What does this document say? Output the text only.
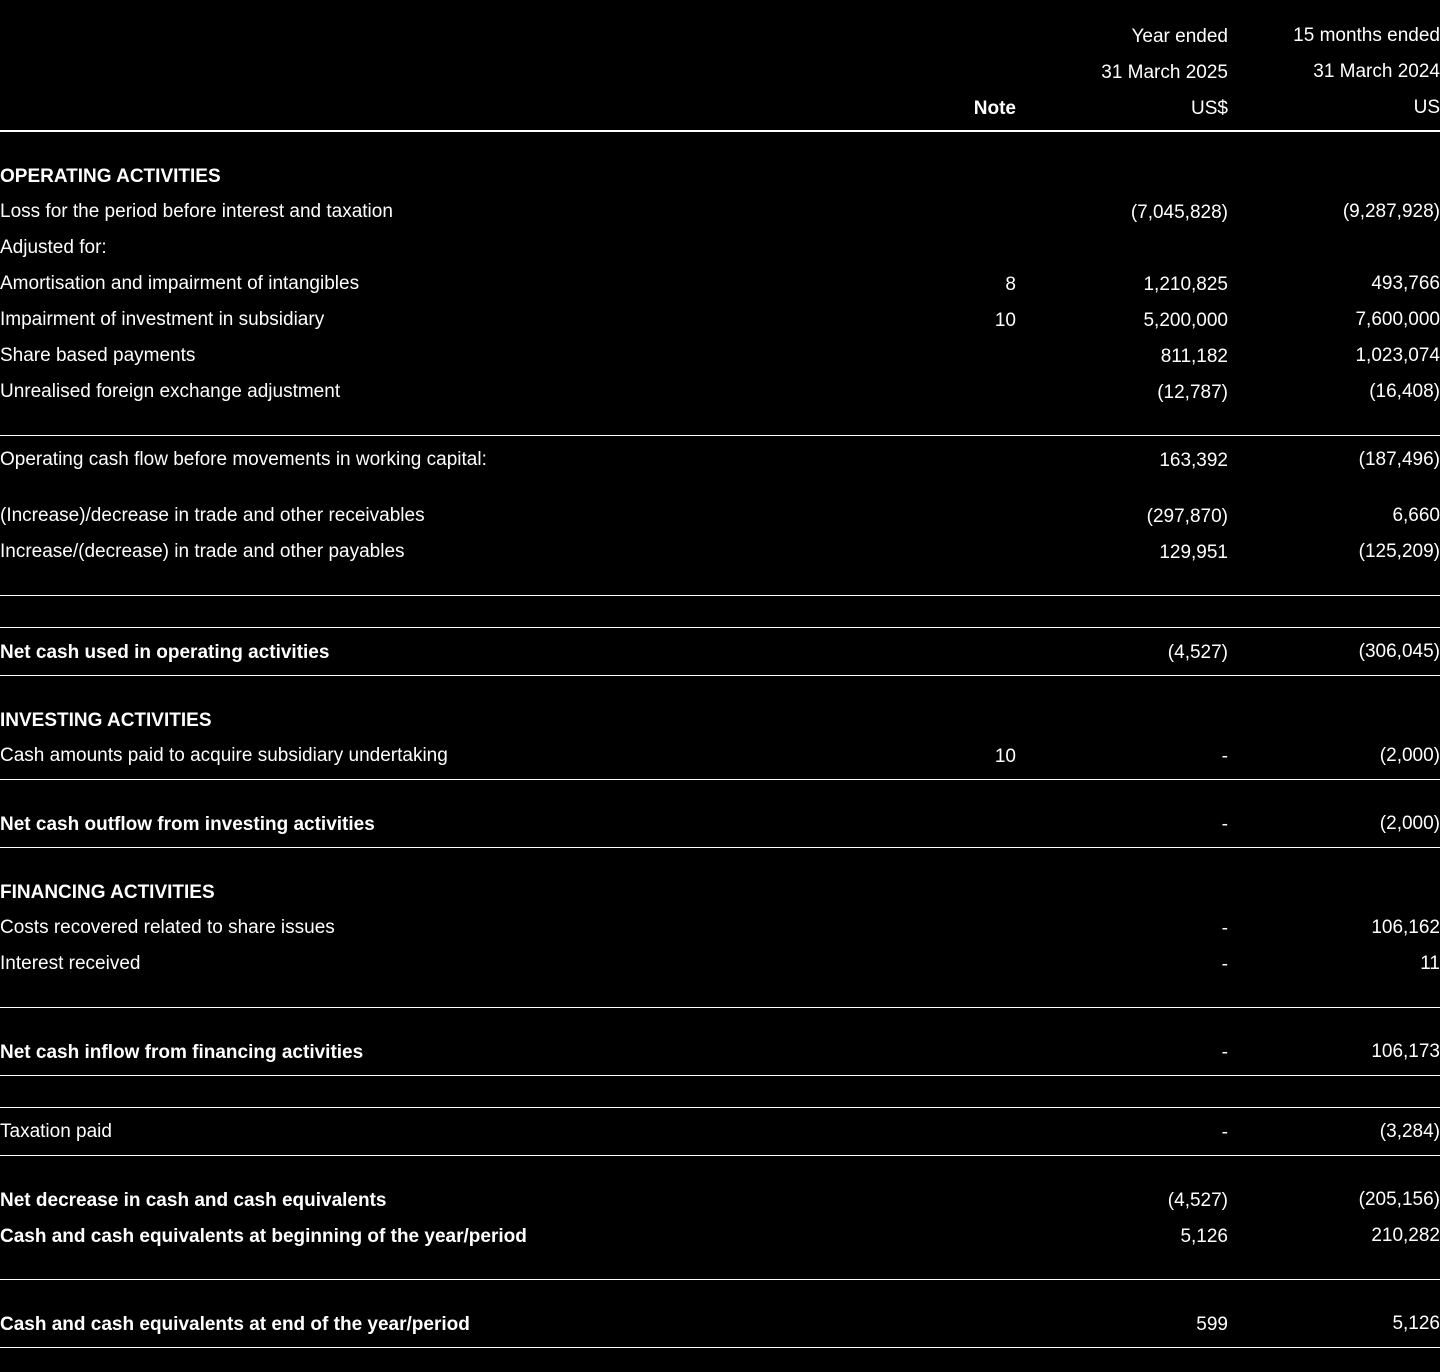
Year ended	15 months ended
31 March 2025	31 March 2024
Note	US$	US
OPERATING ACTIVITIES
Loss for the period before interest and taxation	(7,045,828)	(9,287,928)
Adjusted for:
Amortisation and impairment of intangibles	8	1,210,825	493,766
Impairment of investment in subsidiary	10	5,200,000	7,600,000
Share based payments	811,182	1,023,074
Unrealised foreign exchange adjustment	(12,787)	(16,408)
Operating cash flow before movements in working capital:	163,392	(187,496)
(Increase)/decrease in trade and other receivables	(297,870)	6,660
Increase/(decrease) in trade and other payables	129,951	(125,209)
Net cash used in operating activities	(4,527)	(306,045)
INVESTING ACTIVITIES
Cash amounts paid to acquire subsidiary undertaking	10	-	(2,000)
Net cash outflow from investing activities	-	(2,000)
FINANCING ACTIVITIES
Costs recovered related to share issues	-	106,162
Interest received	-	11
Net cash inflow from financing activities	-	106,173
Taxation paid	-	(3,284)
Net decrease in cash and cash equivalents	(4,527)	(205,156)
Cash and cash equivalents at beginning of the year/period	5,126	210,282
Cash and cash equivalents at end of the year/period	599	5,126
